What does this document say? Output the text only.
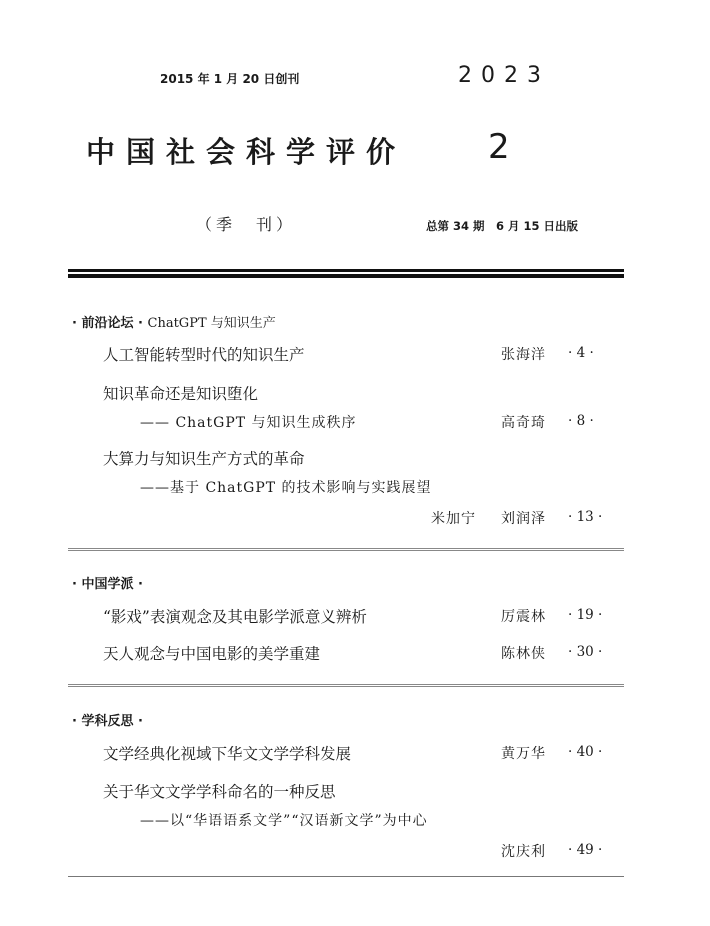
2015 年 1 月 20 日创刊	2023
中国社会科学评价 2
（季　刊）	总第 34 期　6 月 15 日出版
· 前沿论坛 · ChatGPT 与知识生产
人工智能转型时代的知识生产	张海洋 · 4 ·
知识革命还是知识堕化
—— ChatGPT 与知识生成秩序	高奇琦 · 8 ·
大算力与知识生产方式的革命
——基于 ChatGPT 的技术影响与实践展望
米加宁 刘润泽 · 13 ·
· 中国学派 ·
“影戏”表演观念及其电影学派意义辨析	厉震林 · 19 ·
天人观念与中国电影的美学重建	陈林侠 · 30 ·
· 学科反思 ·
文学经典化视域下华文文学学科发展	黄万华 · 40 ·
关于华文文学学科命名的一种反思
——以“华语语系文学”“汉语新文学”为中心
沈庆利 · 49 ·
